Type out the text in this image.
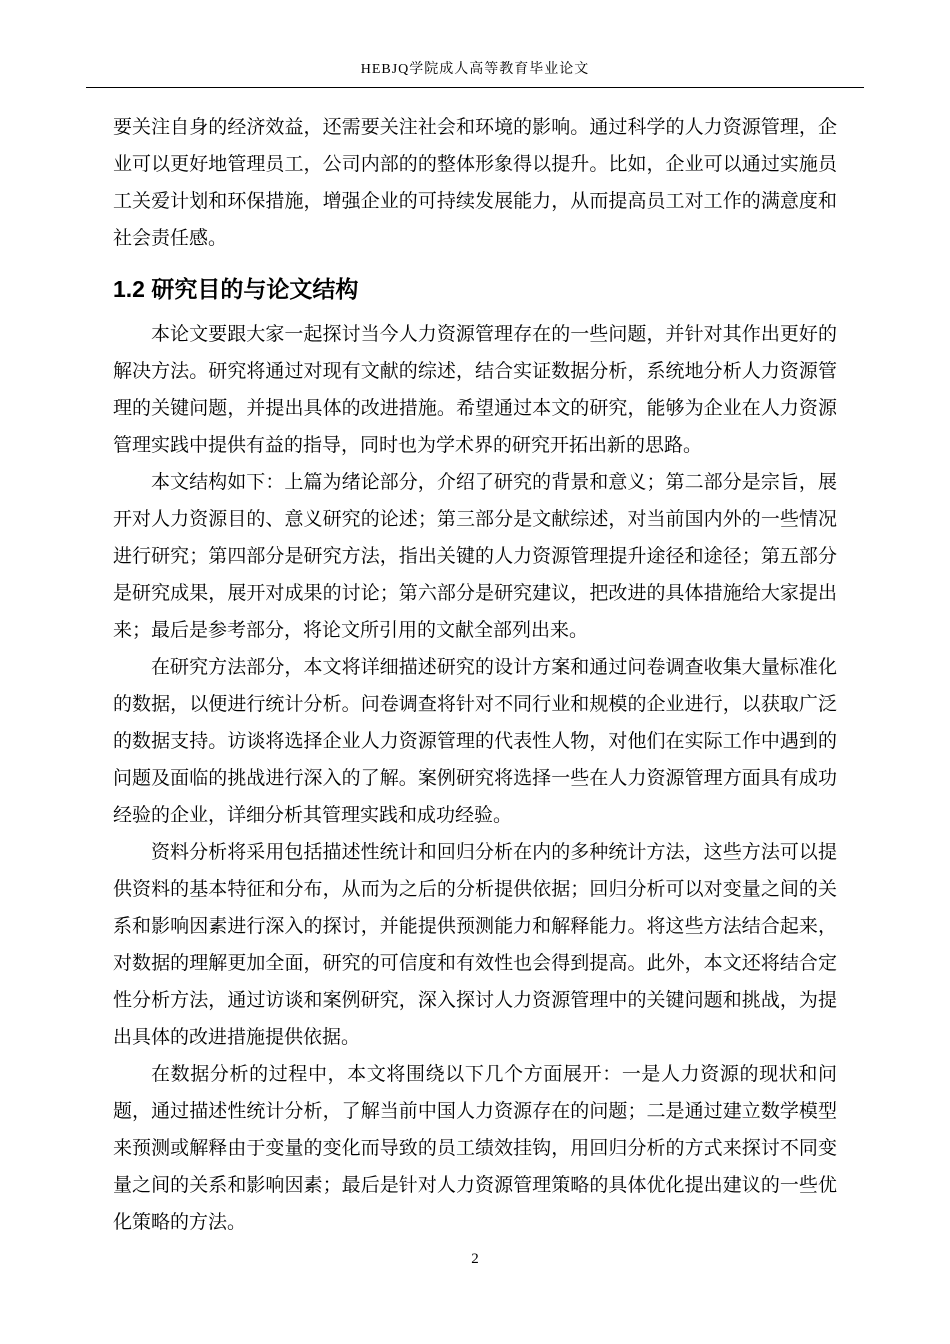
HEBJQ学院成人高等教育毕业论文

要关注自身的经济效益，还需要关注社会和环境的影响。通过科学的人力资源管理，企业可以更好地管理员工，公司内部的的整体形象得以提升。比如，企业可以通过实施员工关爱计划和环保措施，增强企业的可持续发展能力，从而提高员工对工作的满意度和社会责任感。

1.2 研究目的与论文结构

本论文要跟大家一起探讨当今人力资源管理存在的一些问题，并针对其作出更好的解决方法。研究将通过对现有文献的综述，结合实证数据分析，系统地分析人力资源管理的关键问题，并提出具体的改进措施。希望通过本文的研究，能够为企业在人力资源管理实践中提供有益的指导，同时也为学术界的研究开拓出新的思路。

本文结构如下：上篇为绪论部分，介绍了研究的背景和意义；第二部分是宗旨，展开对人力资源目的、意义研究的论述；第三部分是文献综述，对当前国内外的一些情况进行研究；第四部分是研究方法，指出关键的人力资源管理提升途径和途径；第五部分是研究成果，展开对成果的讨论；第六部分是研究建议，把改进的具体措施给大家提出来；最后是参考部分，将论文所引用的文献全部列出来。

在研究方法部分，本文将详细描述研究的设计方案和通过问卷调查收集大量标准化的数据，以便进行统计分析。问卷调查将针对不同行业和规模的企业进行，以获取广泛的数据支持。访谈将选择企业人力资源管理的代表性人物，对他们在实际工作中遇到的问题及面临的挑战进行深入的了解。案例研究将选择一些在人力资源管理方面具有成功经验的企业，详细分析其管理实践和成功经验。

资料分析将采用包括描述性统计和回归分析在内的多种统计方法，这些方法可以提供资料的基本特征和分布，从而为之后的分析提供依据；回归分析可以对变量之间的关系和影响因素进行深入的探讨，并能提供预测能力和解释能力。将这些方法结合起来，对数据的理解更加全面，研究的可信度和有效性也会得到提高。此外，本文还将结合定性分析方法，通过访谈和案例研究，深入探讨人力资源管理中的关键问题和挑战，为提出具体的改进措施提供依据。

在数据分析的过程中，本文将围绕以下几个方面展开：一是人力资源的现状和问题，通过描述性统计分析，了解当前中国人力资源存在的问题；二是通过建立数学模型来预测或解释由于变量的变化而导致的员工绩效挂钩，用回归分析的方式来探讨不同变量之间的关系和影响因素；最后是针对人力资源管理策略的具体优化提出建议的一些优化策略的方法。

2
